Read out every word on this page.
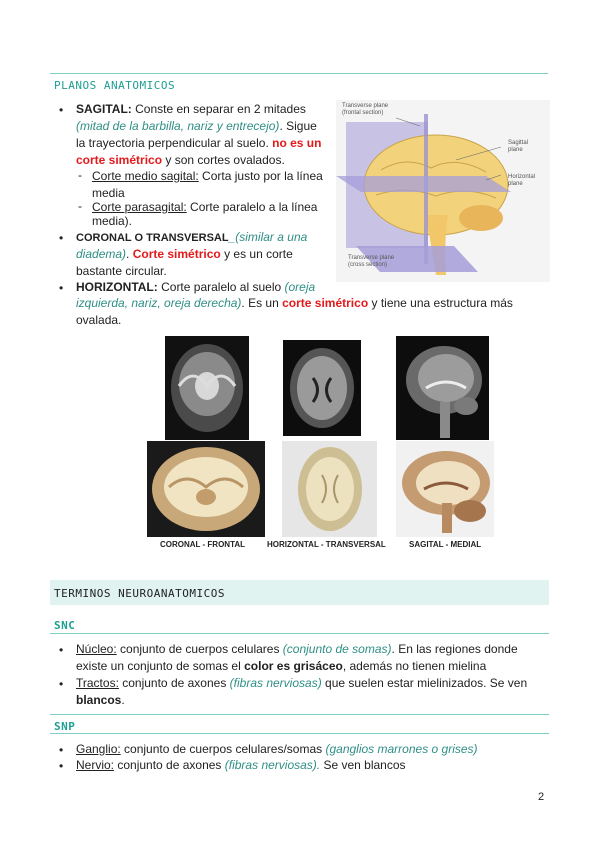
PLANOS ANATOMICOS
• SAGITAL: Conste en separar en 2 mitades
(mitad de la barbilla, nariz y entrecejo). Sigue
la trayectoria perpendicular al suelo. no es un
corte simétrico y son cortes ovalados.
- Corte medio sagital: Corta justo por la línea
media
- Corte parasagital: Corte paralelo a la línea
media).
• CORONAL O TRANSVERSAL_(similar a una
diadema). Corte simétrico y es un corte
bastante circular.
• HORIZONTAL: Corte paralelo al suelo (oreja
izquierda, nariz, oreja derecha). Es un corte simétrico y tiene una estructura más
ovalada.
Transverse plane
(frontal section)
Sagittal
plane
Horizontal
plane
Transverse plane
(cross section)
CORONAL - FRONTAL	HORIZONTAL - TRANSVERSAL	SAGITAL - MEDIAL
TERMINOS NEUROANATOMICOS
SNC
• Núcleo: conjunto de cuerpos celulares (conjunto de somas). En las regiones donde
existe un conjunto de somas el color es grisáceo, además no tienen mielina
• Tractos: conjunto de axones (fibras nerviosas) que suelen estar mielinizados. Se ven
blancos.
SNP
• Ganglio: conjunto de cuerpos celulares/somas (ganglios marrones o grises)
• Nervio: conjunto de axones (fibras nerviosas). Se ven blancos
2
